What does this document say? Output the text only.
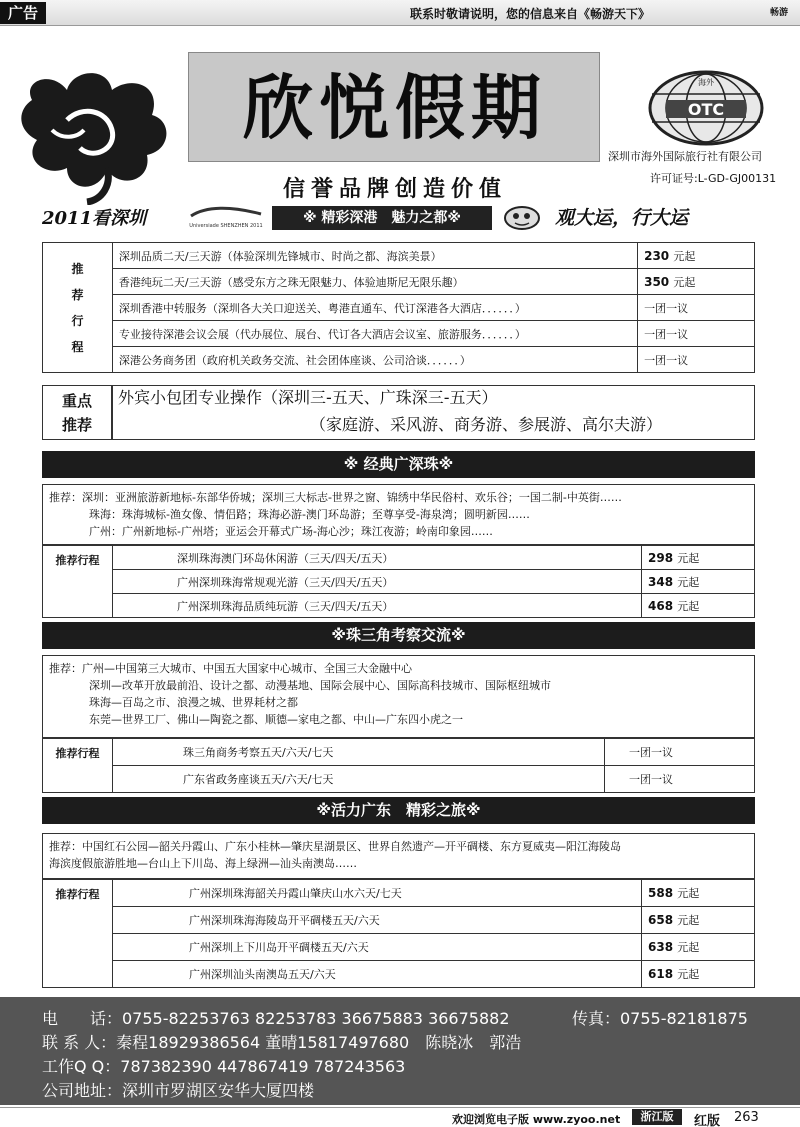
广告	联系时敬请说明，您的信息来自《畅游天下》	畅游
欣悦假期	海外
OTC
深圳市海外国际旅行社有限公司
许可证号:L-GD-GJ00131
信誉品牌创造价值
2011看深圳	Universiade SHENZHEN 2011	※ 精彩深港　魅力之都※	观大运，行大运
推
荐
行
程	深圳品质二天/三天游（体验深圳先锋城市、时尚之都、海滨美景）	230 元起
	香港纯玩二天/三天游（感受东方之珠无限魅力、体验迪斯尼无限乐趣）	350 元起
	深圳香港中转服务（深圳各大关口迎送关、粤港直通车、代订深港各大酒店．．．．．．）	一团一议
	专业接待深港会议会展（代办展位、展台、代订各大酒店会议室、旅游服务．．．．．．）	一团一议
	深港公务商务团（政府机关政务交流、社会团体座谈、公司洽谈．．．．．．）	一团一议
重点
推荐
外宾小包团专业操作（深圳三-五天、广珠深三-五天）
（家庭游、采风游、商务游、参展游、高尔夫游）
※ 经典广深珠※
推荐：深圳：亚洲旅游新地标-东部华侨城；深圳三大标志-世界之窗、锦绣中华民俗村、欢乐谷；一国二制-中英街……
珠海：珠海城标-渔女像、情侣路；珠海必游-澳门环岛游；至尊享受-海泉湾；圆明新园……
广州：广州新地标-广州塔；亚运会开幕式广场-海心沙；珠江夜游；岭南印象园……
推荐行程	深圳珠海澳门环岛休闲游（三天/四天/五天）	298 元起
	广州深圳珠海常规观光游（三天/四天/五天）	348 元起
	广州深圳珠海品质纯玩游（三天/四天/五天）	468 元起
※珠三角考察交流※
推荐：广州—中国第三大城市、中国五大国家中心城市、全国三大金融中心
深圳—改革开放最前沿、设计之都、动漫基地、国际会展中心、国际高科技城市、国际枢纽城市
珠海—百岛之市、浪漫之城、世界耗材之都
东莞—世界工厂、佛山—陶瓷之都、顺德—家电之都、中山—广东四小虎之一
推荐行程	珠三角商务考察五天/六天/七天	一团一议
	广东省政务座谈五天/六天/七天	一团一议
※活力广东　精彩之旅※
推荐：中国红石公园—韶关丹霞山、广东小桂林—肇庆星湖景区、世界自然遗产—开平碉楼、东方夏威夷—阳江海陵岛
海滨度假旅游胜地—台山上下川岛、海上绿洲—汕头南澳岛……
推荐行程	广州深圳珠海韶关丹霞山肇庆山水六天/七天	588 元起
	广州深圳珠海海陵岛开平碉楼五天/六天	658 元起
	广州深圳上下川岛开平碉楼五天/六天	638 元起
	广州深圳汕头南澳岛五天/六天	618 元起
电　　话：0755-82253763 82253783 36675883 36675882	传真：0755-82181875
联 系 人：秦程18929386564 董晴15817497680　陈晓冰　郭浩
工作Q Q：787382390 447867419 787243563
公司地址：深圳市罗湖区安华大厦四楼
欢迎浏览电子版 www.zyoo.net	浙江版	红版 263
